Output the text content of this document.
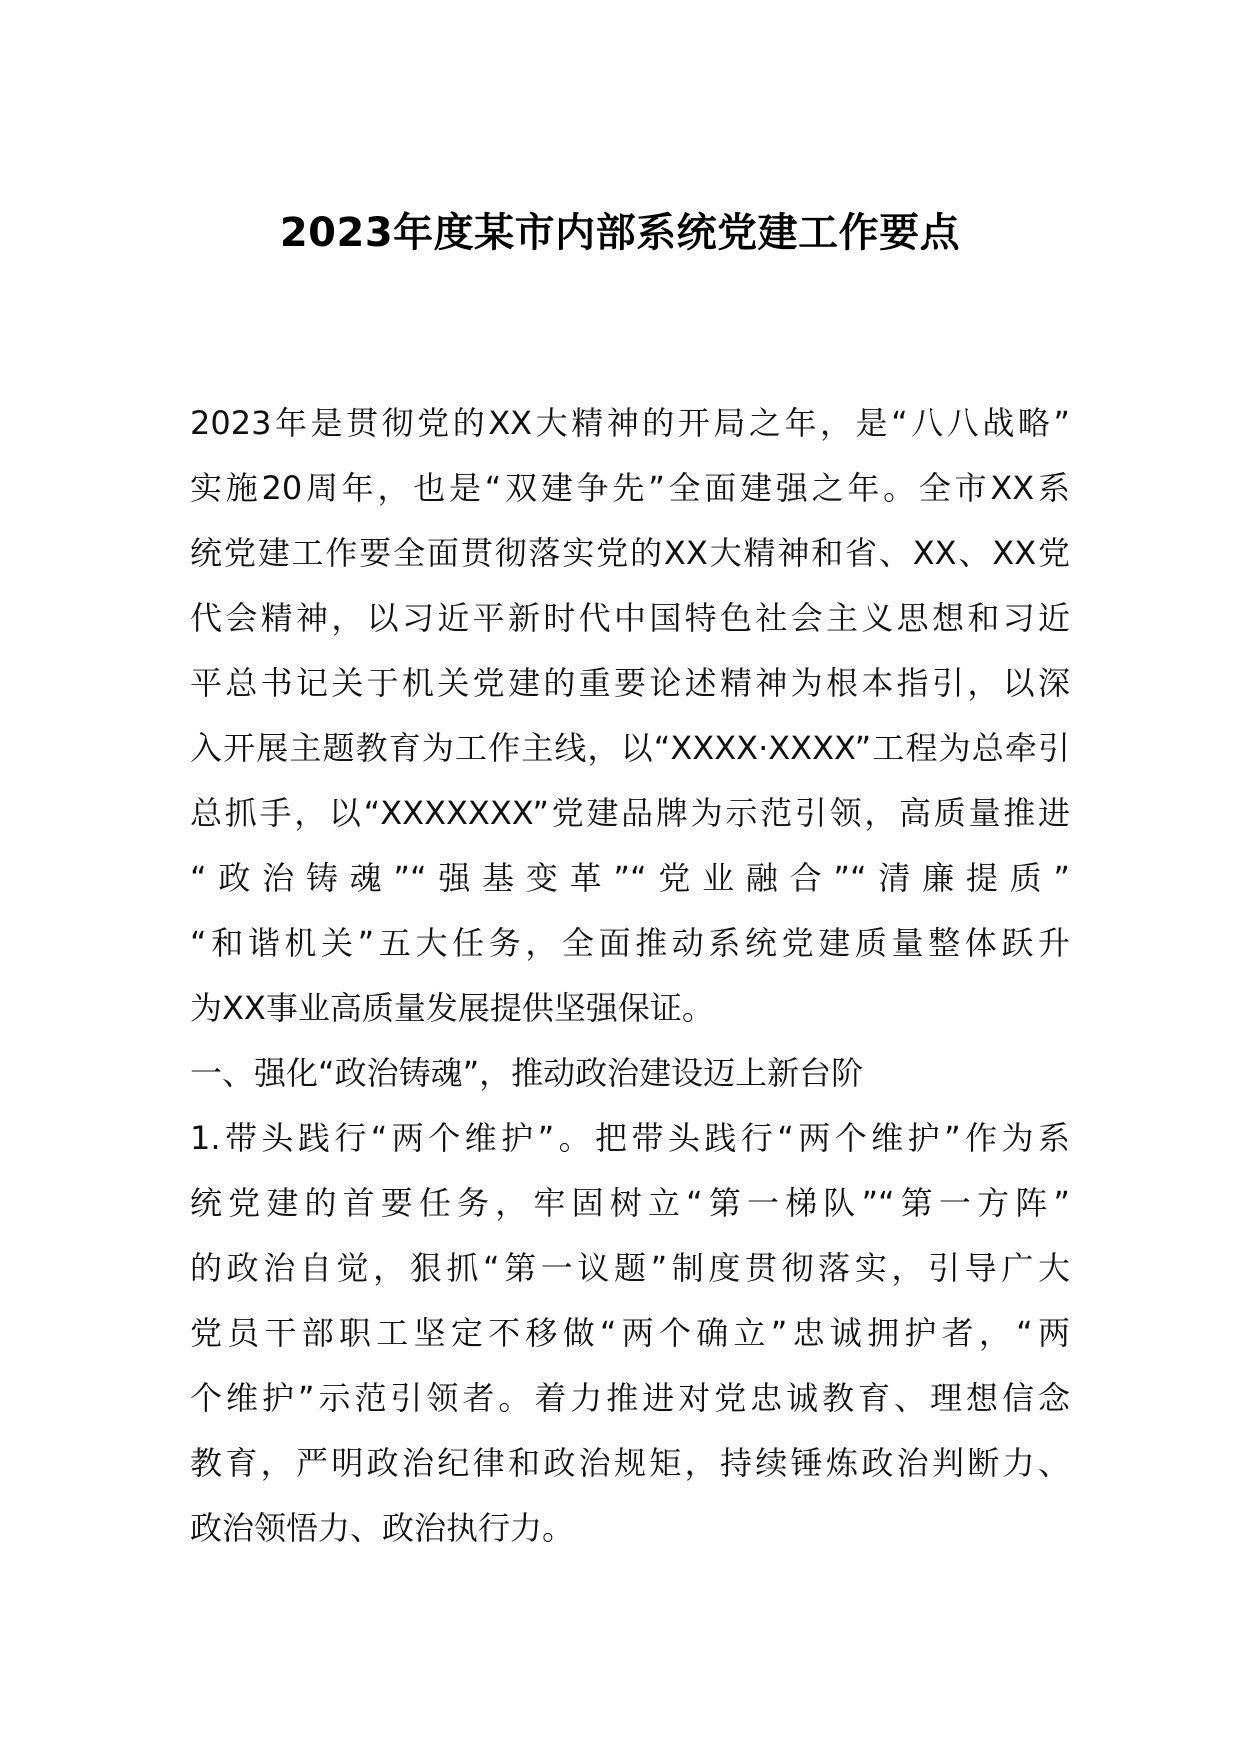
2023年度某市内部系统党建工作要点

2023年是贯彻党的XX大精神的开局之年，是“八八战略”

实施20周年，也是“双建争先”全面建强之年。全市XX系

统党建工作要全面贯彻落实党的XX大精神和省、XX、XX党

代会精神，以习近平新时代中国特色社会主义思想和习近

平总书记关于机关党建的重要论述精神为根本指引，以深

入开展主题教育为工作主线，以“XXXX·XXXX”工程为总牵引

总抓手，以“XXXXXXX”党建品牌为示范引领，高质量推进

“政治铸魂”“强基变革”“党业融合”“清廉提质”

“和谐机关”五大任务，全面推动系统党建质量整体跃升

为XX事业高质量发展提供坚强保证。

一、强化“政治铸魂”，推动政治建设迈上新台阶

1.带头践行“两个维护”。把带头践行“两个维护”作为系

统党建的首要任务，牢固树立“第一梯队”“第一方阵”

的政治自觉，狠抓“第一议题”制度贯彻落实，引导广大

党员干部职工坚定不移做“两个确立”忠诚拥护者，“两

个维护”示范引领者。着力推进对党忠诚教育、理想信念

教育，严明政治纪律和政治规矩，持续锤炼政治判断力、

政治领悟力、政治执行力。
